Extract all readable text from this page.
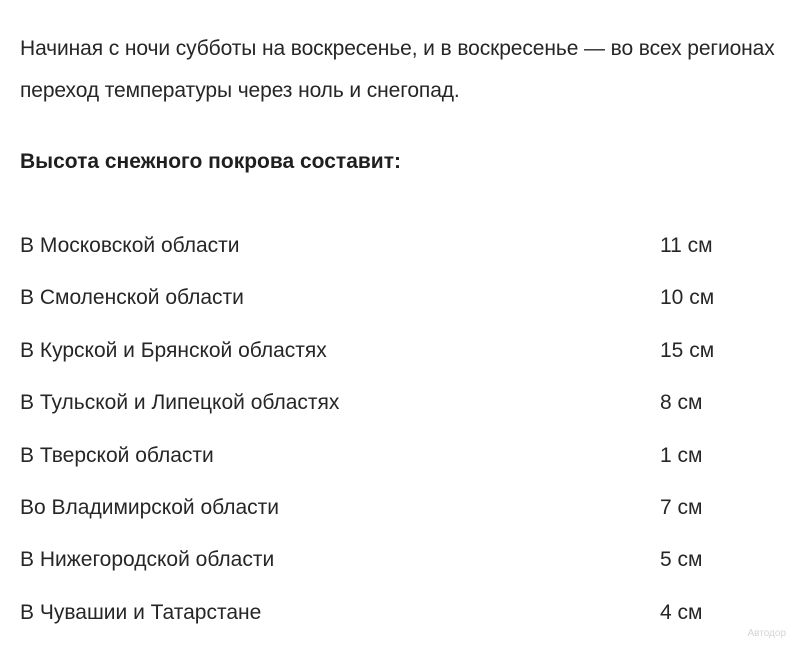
Начиная с ночи субботы на воскресенье, и в воскресенье — во всех регионах переход температуры через ноль и снегопад.

Высота снежного покрова составит:
В Московской области	11 см
В Смоленской области	10 см
В Курской и Брянской областях	15 см
В Тульской и Липецкой областях	8 см
В Тверской области	1 см
Во Владимирской области	7 см
В Нижегородской области	5 см
В Чувашии и Татарстане	4 см
Автодор
